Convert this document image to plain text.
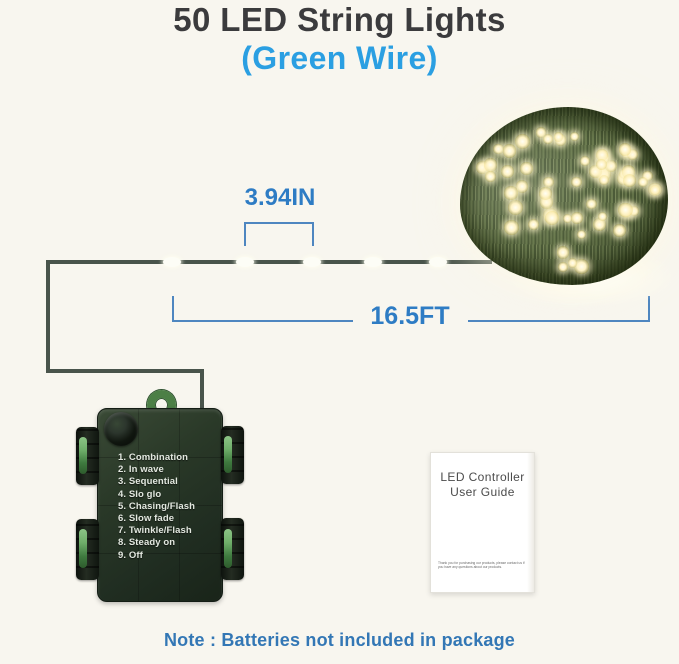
50 LED String Lights
(Green Wire)
3.94IN
16.5FT
1. Combination
2. In wave
3. Sequential
4. Slo glo
5. Chasing/Flash
6. Slow fade
7. Twinkle/Flash
8. Steady on
9. Off
LED Controller
User Guide
Thank you for purchasing our products, please contact us if you have any questions about our products.
Note : Batteries not included in package
